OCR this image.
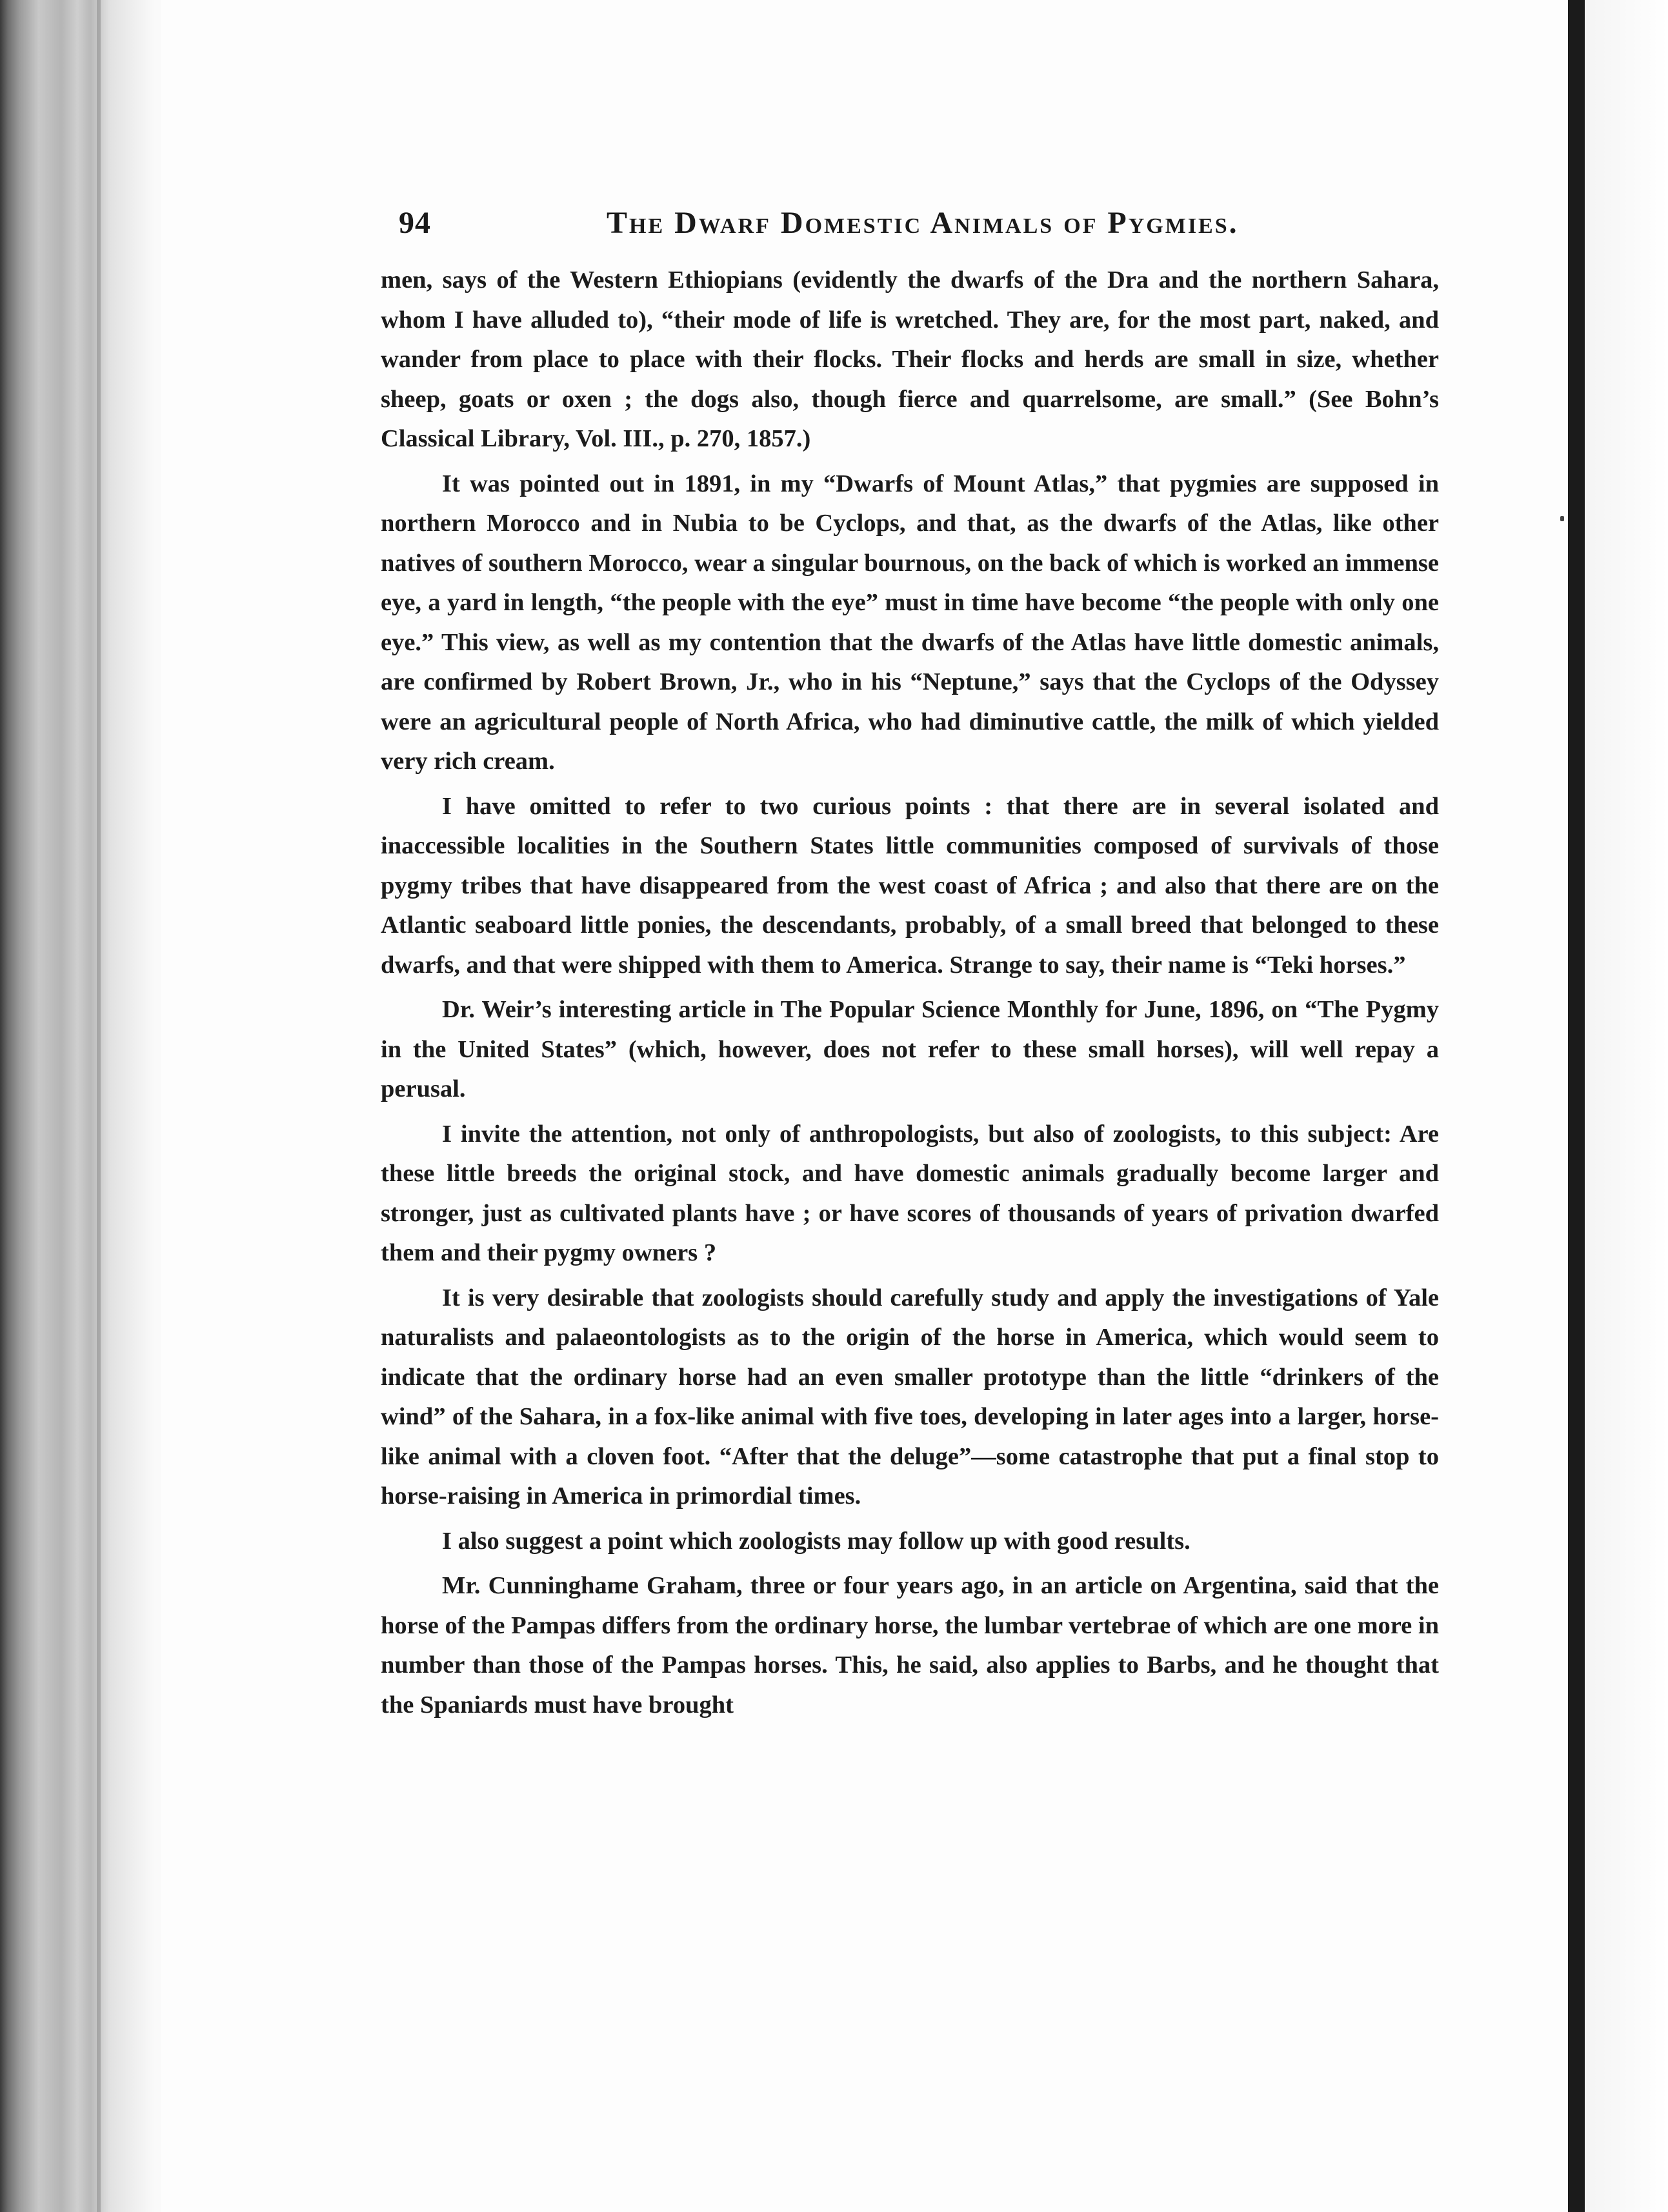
94	The Dwarf Domestic Animals of Pygmies.

men, says of the Western Ethiopians (evidently the dwarfs of the Dra and the northern Sahara, whom I have alluded to), “their mode of life is wretched. They are, for the most part, naked, and wander from place to place with their flocks. Their flocks and herds are small in size, whether sheep, goats or oxen ; the dogs also, though fierce and quarrelsome, are small.” (See Bohn’s Classical Library, Vol. III., p. 270, 1857.)

It was pointed out in 1891, in my “Dwarfs of Mount Atlas,” that pygmies are supposed in northern Morocco and in Nubia to be Cyclops, and that, as the dwarfs of the Atlas, like other natives of southern Morocco, wear a singular bournous, on the back of which is worked an immense eye, a yard in length, “the people with the eye” must in time have become “the people with only one eye.” This view, as well as my contention that the dwarfs of the Atlas have little domestic animals, are confirmed by Robert Brown, Jr., who in his “Neptune,” says that the Cyclops of the Odyssey were an agricultural people of North Africa, who had diminutive cattle, the milk of which yielded very rich cream.

I have omitted to refer to two curious points : that there are in several isolated and inaccessible localities in the Southern States little communities composed of survivals of those pygmy tribes that have disappeared from the west coast of Africa ; and also that there are on the Atlantic seaboard little ponies, the descendants, probably, of a small breed that belonged to these dwarfs, and that were shipped with them to America. Strange to say, their name is “Teki horses.”

Dr. Weir’s interesting article in The Popular Science Monthly for June, 1896, on “The Pygmy in the United States” (which, however, does not refer to these small horses), will well repay a perusal.

I invite the attention, not only of anthropologists, but also of zoologists, to this subject: Are these little breeds the original stock, and have domestic animals gradually become larger and stronger, just as cultivated plants have ; or have scores of thousands of years of privation dwarfed them and their pygmy owners ?

It is very desirable that zoologists should carefully study and apply the investigations of Yale naturalists and palaeontologists as to the origin of the horse in America, which would seem to indicate that the ordinary horse had an even smaller prototype than the little “drinkers of the wind” of the Sahara, in a fox-like animal with five toes, developing in later ages into a larger, horse-like animal with a cloven foot. “After that the deluge”—some catastrophe that put a final stop to horse-raising in America in primordial times.

I also suggest a point which zoologists may follow up with good results.

Mr. Cunninghame Graham, three or four years ago, in an article on Argentina, said that the horse of the Pampas differs from the ordinary horse, the lumbar vertebrae of which are one more in number than those of the Pampas horses. This, he said, also applies to Barbs, and he thought that the Spaniards must have brought
